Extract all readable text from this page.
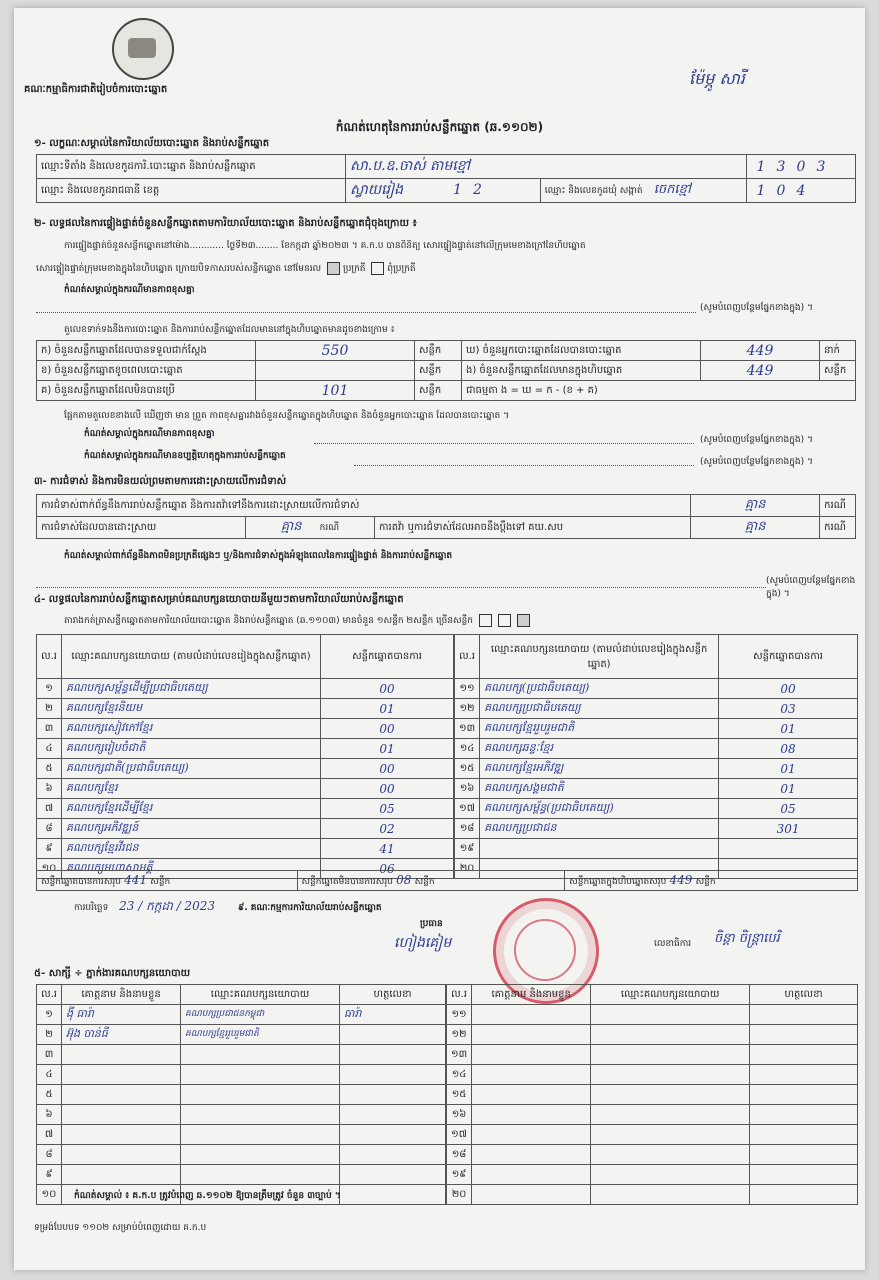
ម៉ែម្ភូ សារី
គណៈកម្មាធិការជាតិរៀបចំការបោះឆ្នោត
កំណត់ហេតុនៃការរាប់សន្លឹកឆ្នោត (ឆ.១១០២)
១- លក្ខណៈសម្គាល់នៃការិយាល័យបោះឆ្នោត និងរាប់សន្លឹកឆ្នោត
ឈ្មោះទីតាំង និងលេខកូដការិ.បោះឆ្នោត និងរាប់សន្លឹកឆ្នោត	សា.ប.ឧ.ចាស់ តាមខ្មៅ		1 3 0 3
ឈ្មោះ និងលេខកូដរាជធានី ខេត្ត	ស្វាយរៀង 1 2	ឈ្មោះ និងលេខកូដឃុំ សង្កាត់ ចេកខ្មៅ	1 0 4
២- លទ្ធផលនៃការផ្ទៀងផ្ទាត់ចំនួនសន្លឹកឆ្នោតតាមការិយាល័យបោះឆ្នោត និងរាប់សន្លឹកឆ្នោតជុំចុងក្រោយ ៖
ការផ្ទៀងផ្ទាត់ចំនួនសន្លឹកឆ្នោតនៅម៉ោង............ ថ្ងៃទី២៣........ ខែកក្កដា ឆ្នាំ២០២៣ ។ គ.ក.ប បានពិនិត្យ សោរផ្ទៀងផ្ទាត់នៅលើក្រុមមេខាងក្រៅនៃហិបឆ្នោត
សោរផ្ទៀងផ្ទាត់ក្រុមមេខាងក្នុងនៃហិបឆ្នោត ក្រោយបិទកាសរបស់សន្លឹកឆ្នោត នៅមែនរល ប្រក្រតី ពុំប្រក្រតី
កំណត់សម្គាល់ក្នុងករណីមានភាពខុសគ្នា
(សូមបំពេញបន្ថែមផ្នែកខាងក្នុង) ។
តួលេខទាក់ទងនឹងការបោះឆ្នោត និងការរាប់សន្លឹកឆ្នោតដែលមាននៅក្នុងហិបឆ្នោតមានដូចខាងក្រោម ៖
ក) ចំនួនសន្លឹកឆ្នោតដែលបានទទួលជាក់ស្តែង	550	សន្លឹក	ឃ) ចំនួនអ្នកបោះឆ្នោតដែលបានបោះឆ្នោត	449	នាក់
ខ) ចំនួនសន្លឹកឆ្នោតខូចពេលបោះឆ្នោត		សន្លឹក	ង) ចំនួនសន្លឹកឆ្នោតដែលមានក្នុងហិបឆ្នោត	449	សន្លឹក
គ) ចំនួនសន្លឹកឆ្នោតដែលមិនបានប្រើ	101	សន្លឹក	ជាធម្មតា ង = ឃ = ក - (ខ + គ)		
ផ្អែកតាមតួលេខខាងលើ ឃើញថា មាន ព្រួត ភាពខុសគ្នារវាងចំនួនសន្លឹកឆ្នោតក្នុងហិបឆ្នោត និងចំនួនអ្នកបោះឆ្នោត ដែលបានបោះឆ្នោត ។
កំណត់សម្គាល់ក្នុងករណីមានភាពខុសគ្នា
(សូមបំពេញបន្ថែមផ្នែកខាងក្នុង) ។
កំណត់សម្គាល់ក្នុងករណីមានឧប្បត្តិហេតុក្នុងការរាប់សន្លឹកឆ្នោត
(សូមបំពេញបន្ថែមផ្នែកខាងក្នុង) ។
៣- ការជំទាស់ និងការមិនយល់ព្រមតាមការដោះស្រាយលើការជំទាស់
ការជំទាស់ពាក់ព័ន្ធនឹងការរាប់សន្លឹកឆ្នោត និងការតវ៉ាទៅនឹងការដោះស្រាយលើការជំទាស់			គ្មាន	ករណី
ការជំទាស់ដែលបានដោះស្រាយ	គ្មាន ករណី	ការតវ៉ា ឬការជំទាស់ដែលអាចនឹងប្តឹងទៅ គឃ.សប	គ្មាន	ករណី
កំណត់សម្គាល់ពាក់ព័ន្ធនឹងភាពមិនប្រក្រតីផ្សេងៗ ឬ/និងការជំទាស់ក្នុងអំឡុងពេលនៃការផ្ទៀងផ្ទាត់ និងការរាប់សន្លឹកឆ្នោត
(សូមបំពេញបន្ថែមផ្នែកខាងក្នុង) ។
៤- លទ្ធផលនៃការរាប់សន្លឹកឆ្នោតសម្រាប់គណបក្សនយោបាយនីមួយៗតាមការិយាល័យរាប់សន្លឹកឆ្នោត
តារាងកត់ត្រាសន្លឹកឆ្នោតតាមការិយាល័យបោះឆ្នោត និងរាប់សន្លឹកឆ្នោត (ឆ.១១០៣) មានចំនួន ១សន្លឹក ២សន្លឹក ច្រើនសន្លឹក
ល.រ	ឈ្មោះគណបក្សនយោបាយ (តាមលំដាប់លេខរៀងក្នុងសន្លឹកឆ្នោត)	សន្លឹកឆ្នោតបានការ
១	គណបក្សសម្ព័ន្ធដើម្បីប្រជាធិបតេយ្យ	00
២	គណបក្សខ្មែរនិយម	01
៣	គណបក្សសៀវភៅខ្មែរ	00
៤	គណបក្សរៀបចំជាតិ	01
៥	គណបក្សជាតិ(ប្រជាធិបតេយ្យ)	00
៦	គណបក្សខ្មែរ	00
៧	គណបក្សខ្មែរដើម្បីខ្មែរ	05
៨	គណបក្សអភិវឌ្ឍន៍	02
៩	គណបក្សខ្មែរវីរជន	41
១០	គណបក្សមហាសាមគ្គី	06
ល.រ	ឈ្មោះគណបក្សនយោបាយ (តាមលំដាប់លេខរៀងក្នុងសន្លឹកឆ្នោត)	សន្លឹកឆ្នោតបានការ
១១	គណបក្ស(ប្រជាធិបតេយ្យ)	00
១២	គណបក្សប្រជាធិបតេយ្យ	03
១៣	គណបក្សខ្មែររួបរួមជាតិ	01
១៤	គណបក្សឆន្ទៈខ្មែរ	08
១៥	គណបក្សខ្មែរអភិវឌ្ឍ	01
១៦	គណបក្សសង្គមជាតិ	01
១៧	គណបក្សសម្ព័ន្ធ(ប្រជាធិបតេយ្យ)	05
១៨	គណបក្សប្រជាជន	301
១៩		
២០		
សន្លឹកឆ្នោតបានការសរុប 441 សន្លឹក	សន្លឹកឆ្នោតមិនបានការសរុប 08 សន្លឹក	សន្លឹកឆ្នោតក្នុងហិបឆ្នោតសរុប 449 សន្លឹក
ការបរិច្ឆេទ 23 / កក្កដា / 2023	៩. គណៈកម្មការការិយាល័យរាប់សន្លឹកឆ្នោត
ប្រធាន
ហៀងគៀម	លេខាធិការ ចិន្ដា ចិន្ដ្រាបេរិ
៥- សាក្សី ÷ ភ្នាក់ងារគណបក្សនយោបាយ
ល.រ	គោត្តនាម និងនាមខ្លួន	ឈ្មោះគណបក្សនយោបាយ	ហត្ថលេខា
១	ង៉ី ធារ៉ា	គណបក្សប្រជាជនកម្ពុជា	ធារ៉ា
២	អ៊ុង ចាន់ធី	គណបក្សខ្មែររួបរួមជាតិ	
៣			
៤			
៥			
៦			
៧			
៨			
៩			
១០			
ល.រ	គោត្តនាម និងនាមខ្លួន	ឈ្មោះគណបក្សនយោបាយ	ហត្ថលេខា
១១			
១២			
១៣			
១៤			
១៥			
១៦			
១៧			
១៨			
១៩			
២០			
កំណត់សម្គាល់ ៖ គ.ក.ប ត្រូវបំពេញ ឆ.១១០២ ឱ្យបានត្រឹមត្រូវ ចំនួន ៣ច្បាប់ ។
ទម្រង់បែបបទ ១១០២ សម្រាប់បំពេញដោយ គ.ក.ប
